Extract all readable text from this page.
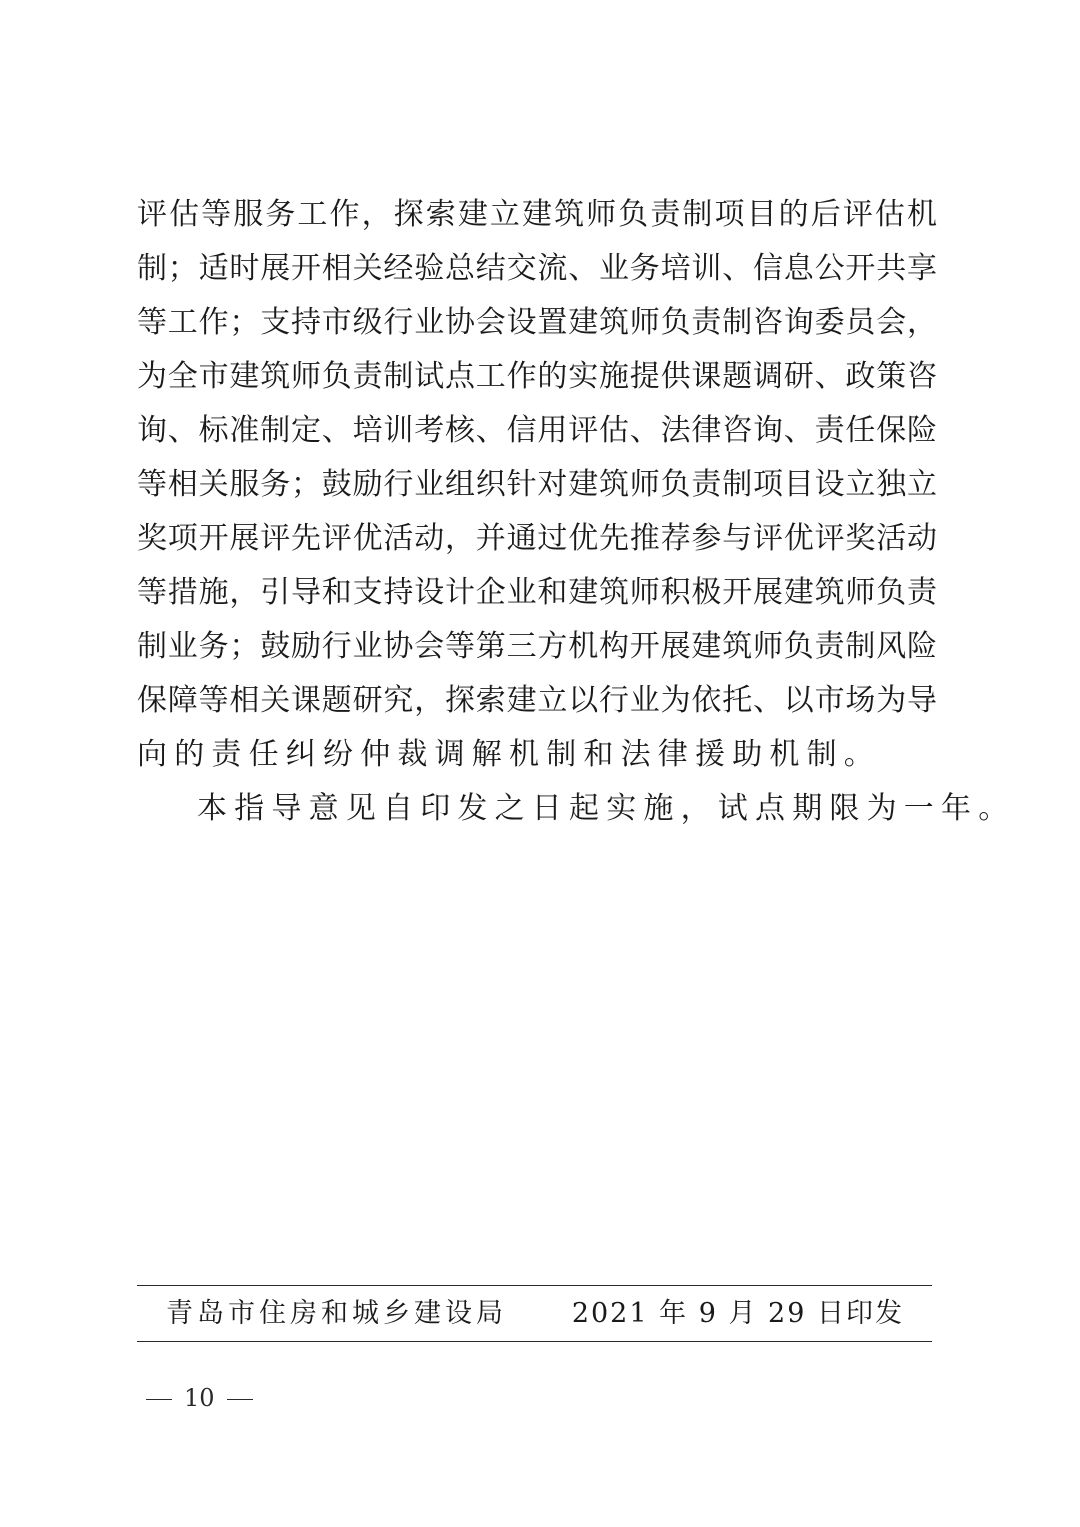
评估等服务工作，探索建立建筑师负责制项目的后评估机
制；适时展开相关经验总结交流、业务培训、信息公开共享
等工作；支持市级行业协会设置建筑师负责制咨询委员会，
为全市建筑师负责制试点工作的实施提供课题调研、政策咨
询、标准制定、培训考核、信用评估、法律咨询、责任保险
等相关服务；鼓励行业组织针对建筑师负责制项目设立独立
奖项开展评先评优活动，并通过优先推荐参与评优评奖活动
等措施，引导和支持设计企业和建筑师积极开展建筑师负责
制业务；鼓励行业协会等第三方机构开展建筑师负责制风险
保障等相关课题研究，探索建立以行业为依托、以市场为导
向的责任纠纷仲裁调解机制和法律援助机制。
本指导意见自印发之日起实施，试点期限为一年。
青岛市住房和城乡建设局 2021 年 9 月 29 日印发
10
